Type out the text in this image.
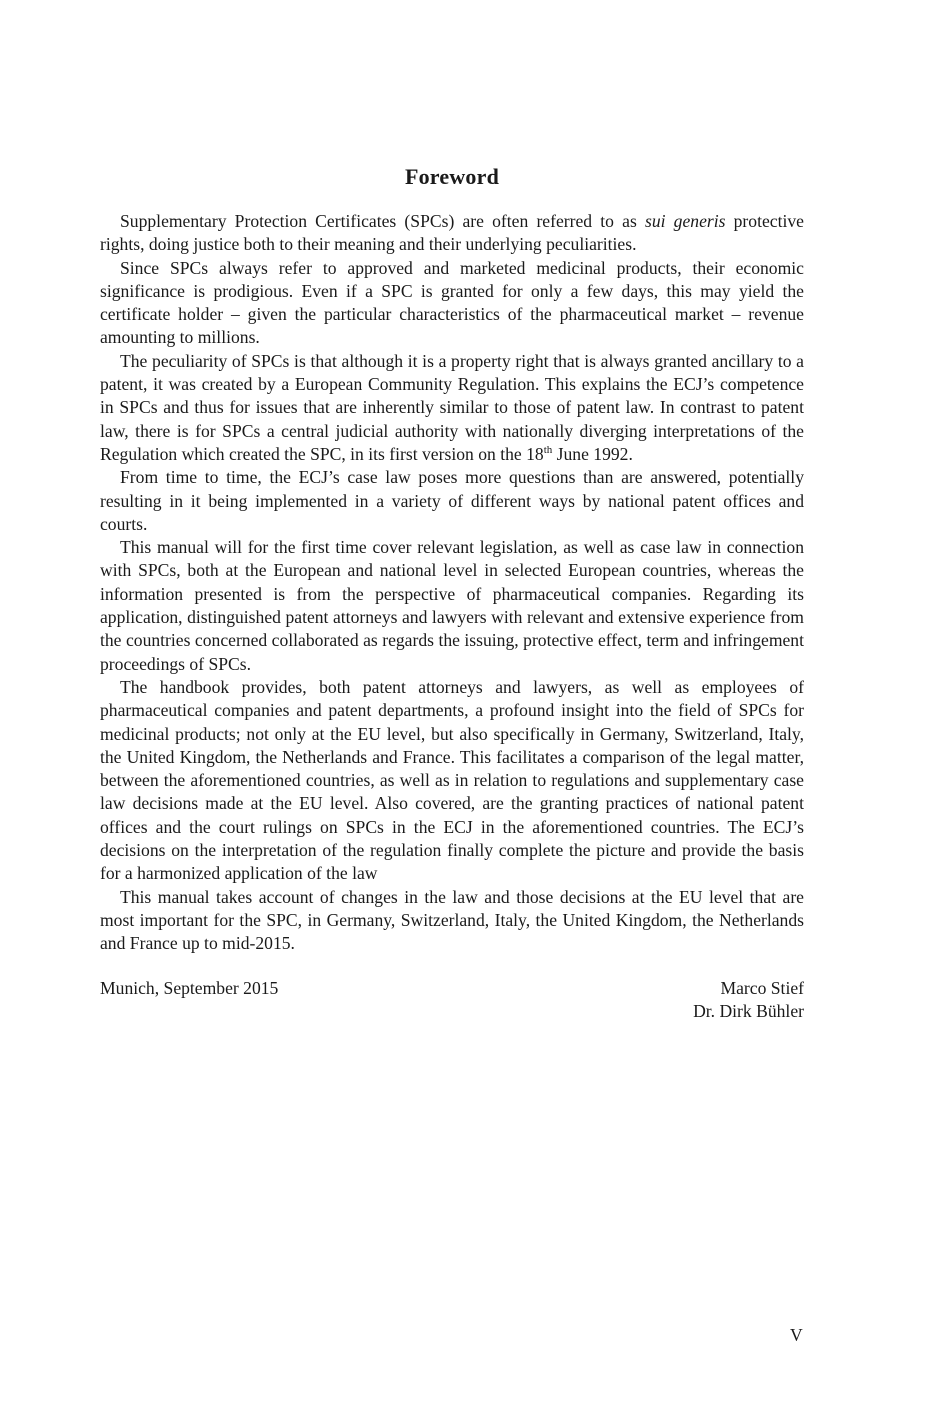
Foreword

Supplementary Protection Certificates (SPCs) are often referred to as sui generis protective rights, doing justice both to their meaning and their underlying peculiarities.

Since SPCs always refer to approved and marketed medicinal products, their economic significance is prodigious. Even if a SPC is granted for only a few days, this may yield the certificate holder – given the particular characteristics of the pharmaceutical market – revenue amounting to millions.

The peculiarity of SPCs is that although it is a property right that is always granted ancillary to a patent, it was created by a European Community Regulation. This explains the ECJ’s competence in SPCs and thus for issues that are inherently similar to those of patent law. In contrast to patent law, there is for SPCs a central judicial authority with nationally diverging interpretations of the Regulation which created the SPC, in its first version on the 18th June 1992.

From time to time, the ECJ’s case law poses more questions than are answered, potentially resulting in it being implemented in a variety of different ways by national patent offices and courts.

This manual will for the first time cover relevant legislation, as well as case law in connection with SPCs, both at the European and national level in selected European countries, whereas the information presented is from the perspective of pharmaceutical companies. Regarding its application, distinguished patent attorneys and lawyers with relevant and extensive experience from the countries concerned collaborated as regards the issuing, protective effect, term and infringement proceedings of SPCs.

The handbook provides, both patent attorneys and lawyers, as well as employees of pharmaceutical companies and patent departments, a profound insight into the field of SPCs for medicinal products; not only at the EU level, but also specifically in Germany, Switzerland, Italy, the United Kingdom, the Netherlands and France. This facilitates a comparison of the legal matter, between the aforementioned countries, as well as in relation to regulations and supplementary case law decisions made at the EU level. Also covered, are the granting practices of national patent offices and the court rulings on SPCs in the ECJ in the aforementioned countries. The ECJ’s decisions on the interpretation of the regulation finally complete the picture and provide the basis for a harmonized application of the law

This manual takes account of changes in the law and those decisions at the EU level that are most important for the SPC, in Germany, Switzerland, Italy, the United Kingdom, the Netherlands and France up to mid-2015.

Munich, September 2015	Marco Stief
Dr. Dirk Bühler
V
